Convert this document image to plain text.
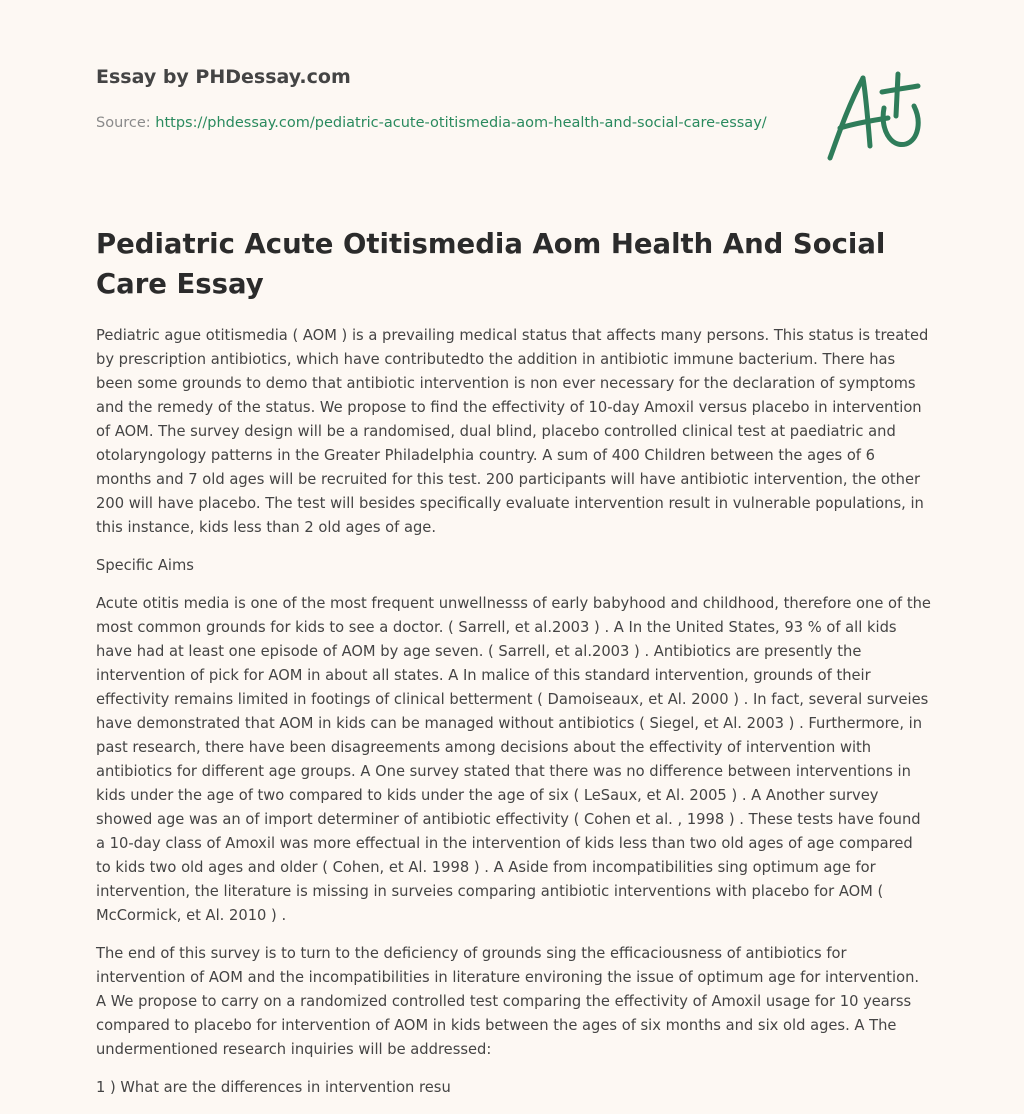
Essay by PHDessay.com
Source: https://phdessay.com/pediatric-acute-otitismedia-aom-health-and-social-care-essay/
Pediatric Acute Otitismedia Aom Health And Social Care Essay

Pediatric ague otitismedia ( AOM ) is a prevailing medical status that affects many persons. This status is treated by prescription antibiotics, which have contributedto the addition in antibiotic immune bacterium. There has been some grounds to demo that antibiotic intervention is non ever necessary for the declaration of symptoms and the remedy of the status. We propose to find the effectivity of 10-day Amoxil versus placebo in intervention of AOM. The survey design will be a randomised, dual blind, placebo controlled clinical test at paediatric and otolaryngology patterns in the Greater Philadelphia country. A sum of 400 Children between the ages of 6 months and 7 old ages will be recruited for this test. 200 participants will have antibiotic intervention, the other 200 will have placebo. The test will besides specifically evaluate intervention result in vulnerable populations, in this instance, kids less than 2 old ages of age.

Specific Aims

Acute otitis media is one of the most frequent unwellnesss of early babyhood and childhood, therefore one of the most common grounds for kids to see a doctor. ( Sarrell, et al.2003 ) . A In the United States, 93 % of all kids have had at least one episode of AOM by age seven. ( Sarrell, et al.2003 ) . Antibiotics are presently the intervention of pick for AOM in about all states. A In malice of this standard intervention, grounds of their effectivity remains limited in footings of clinical betterment ( Damoiseaux, et Al. 2000 ) . In fact, several surveies have demonstrated that AOM in kids can be managed without antibiotics ( Siegel, et Al. 2003 ) . Furthermore, in past research, there have been disagreements among decisions about the effectivity of intervention with antibiotics for different age groups. A One survey stated that there was no difference between interventions in kids under the age of two compared to kids under the age of six ( LeSaux, et Al. 2005 ) . A Another survey showed age was an of import determiner of antibiotic effectivity ( Cohen et al. , 1998 ) . These tests have found a 10-day class of Amoxil was more effectual in the intervention of kids less than two old ages of age compared to kids two old ages and older ( Cohen, et Al. 1998 ) . A Aside from incompatibilities sing optimum age for intervention, the literature is missing in surveies comparing antibiotic interventions with placebo for AOM ( McCormick, et Al. 2010 ) .

The end of this survey is to turn to the deficiency of grounds sing the efficaciousness of antibiotics for intervention of AOM and the incompatibilities in literature environing the issue of optimum age for intervention. A We propose to carry on a randomized controlled test comparing the effectivity of Amoxil usage for 10 yearss compared to placebo for intervention of AOM in kids between the ages of six months and six old ages. A The undermentioned research inquiries will be addressed:

1 ) What are the differences in intervention resu
